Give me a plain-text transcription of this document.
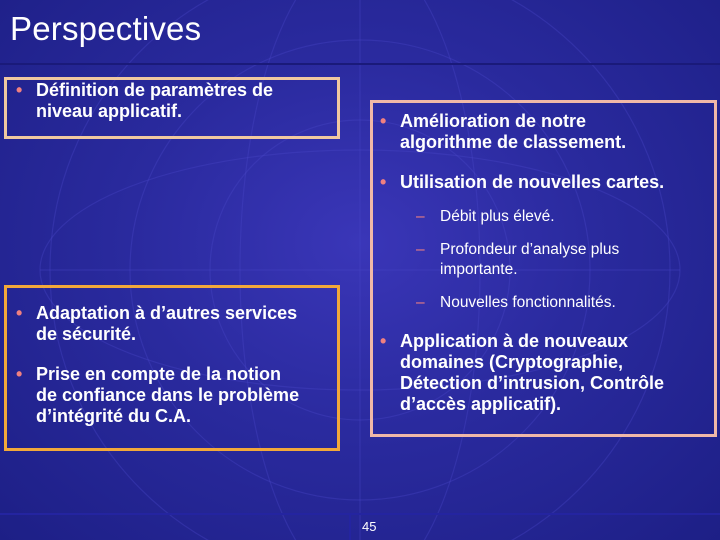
Perspectives
• Définition de paramètres de
niveau applicatif.	• Amélioration de notre
algorithme de classement.
• Utilisation de nouvelles cartes.
– Débit plus élevé.
– Profondeur d’analyse plus
importante.
– Nouvelles fonctionnalités.
• Application à de nouveaux
domaines (Cryptographie,
Détection d’intrusion, Contrôle
d’accès applicatif).
• Adaptation à d’autres services
de sécurité.
• Prise en compte de la notion
de confiance dans le problème
d’intégrité du C.A.
45
